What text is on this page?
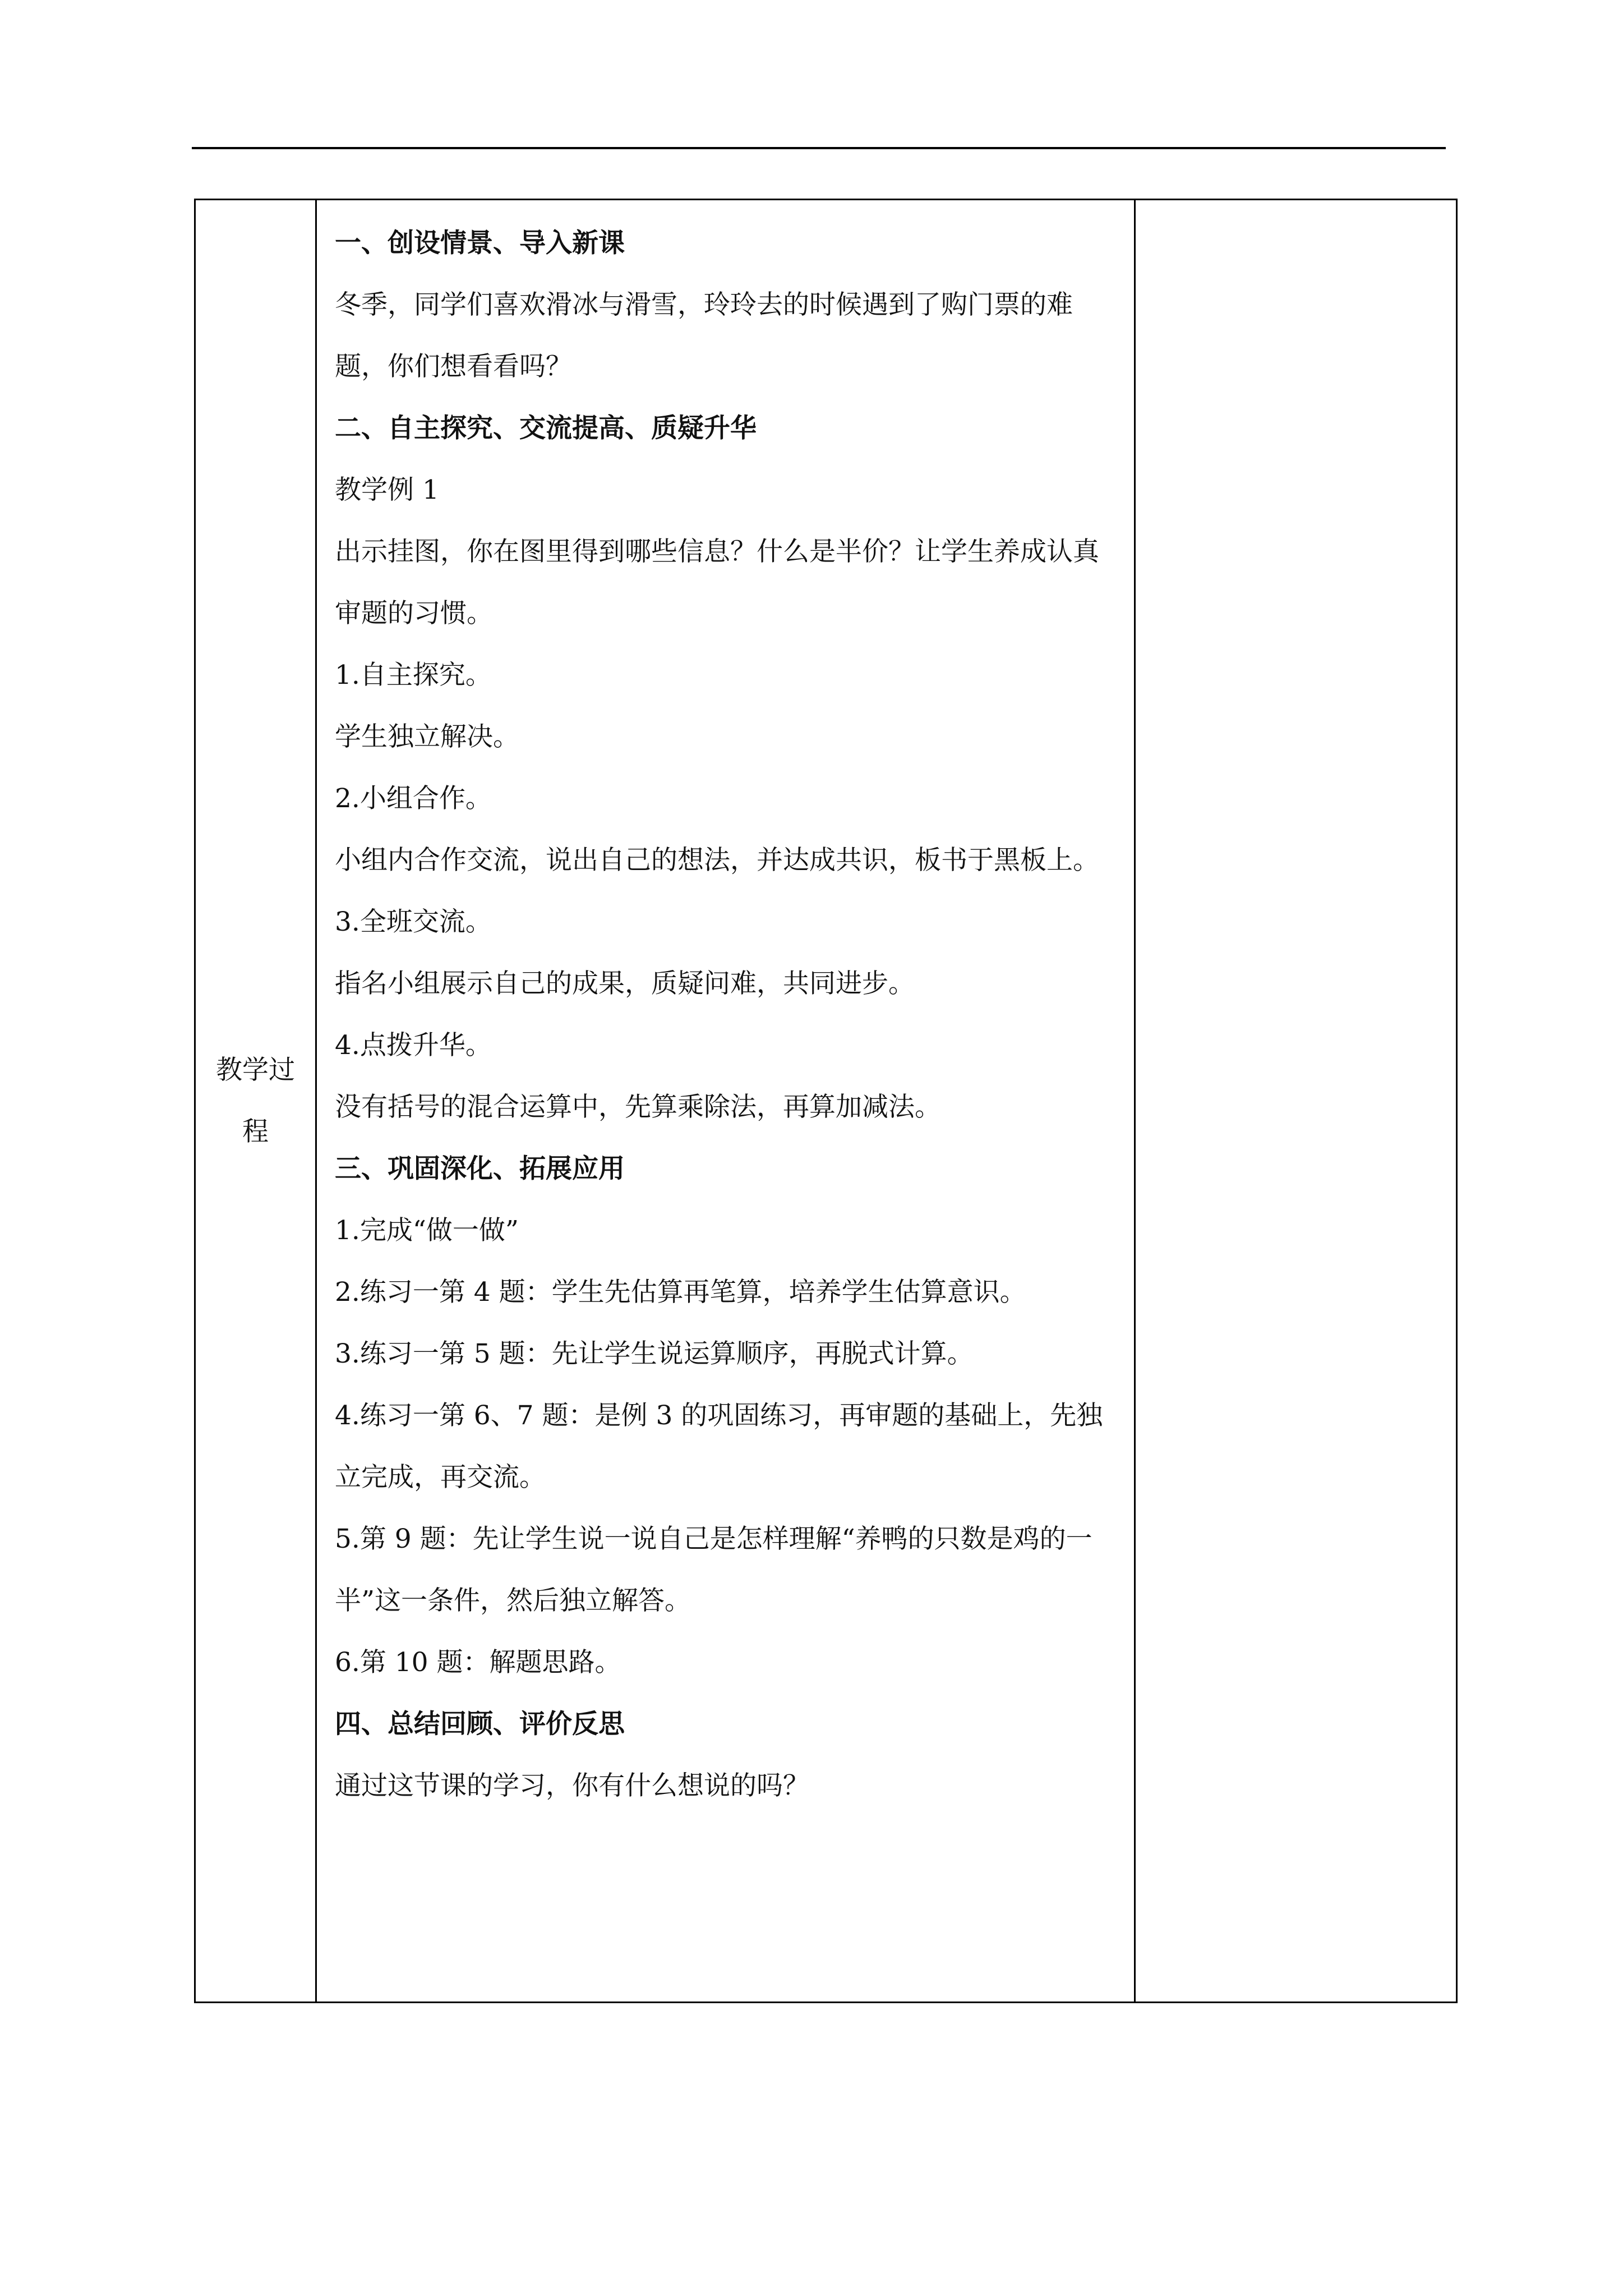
教学过程	

一、创设情景、导入新课

冬季，同学们喜欢滑冰与滑雪，玲玲去的时候遇到了购门票的难题，你们想看看吗？

二、自主探究、交流提高、质疑升华

教学例 1

出示挂图，你在图里得到哪些信息？什么是半价？让学生养成认真审题的习惯。

1.自主探究。

学生独立解决。

2.小组合作。

小组内合作交流，说出自己的想法，并达成共识，板书于黑板上。

3.全班交流。

指名小组展示自己的成果，质疑问难，共同进步。

4.点拨升华。

没有括号的混合运算中，先算乘除法，再算加减法。

三、巩固深化、拓展应用

1.完成“做一做”

2.练习一第 4 题：学生先估算再笔算，培养学生估算意识。

3.练习一第 5 题：先让学生说运算顺序，再脱式计算。

4.练习一第 6、7 题：是例 3 的巩固练习，再审题的基础上，先独立完成，再交流。

5.第 9 题：先让学生说一说自己是怎样理解“养鸭的只数是鸡的一半”这一条件，然后独立解答。

6.第 10 题：解题思路。

四、总结回顾、评价反思

通过这节课的学习，你有什么想说的吗？
